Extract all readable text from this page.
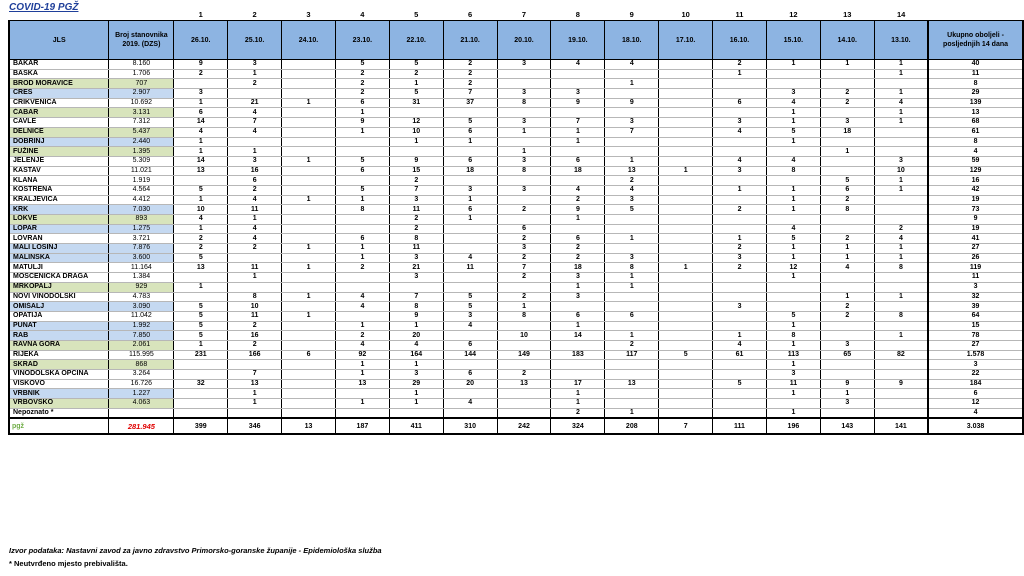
COVID-19 PGŽ
		1	2	3	4	5	6	7	8	9	10	11	12	13	14	
JLS	Broj stanovnika 2019. (DZS)	26.10.	25.10.	24.10.	23.10.	22.10.	21.10.	20.10.	19.10.	18.10.	17.10.	16.10.	15.10.	14.10.	13.10.	Ukupno oboljeli - posljednjih 14 dana
BAKAR	8.160	9	3		5	5	2	3	4	4		2	1	1	1	40
BAŠKA	1.706	2	1		2	2	2					1			1	11
BROD MORAVICE	707		2		2	1	2			1						8
CRES	2.907	3			2	5	7	3	3				3	2	1	29
CRIKVENICA	10.692	1	21	1	6	31	37	8	9	9		6	4	2	4	139
ČABAR	3.131	6	4		1								1		1	13
ČAVLE	7.312	14	7		9	12	5	3	7	3		3	1	3	1	68
DELNICE	5.437	4	4		1	10	6	1	1	7		4	5	18		61
DOBRINJ	2.440	1				1	1		1				1			8
FUŽINE	1.395	1	1					1						1		4
JELENJE	5.309	14	3	1	5	9	6	3	6	1		4	4		3	59
KASTAV	11.021	13	16		6	15	18	8	18	13	1	3	8		10	129
KLANA	1.919		6			2				2				5	1	16
KOSTRENA	4.564	5	2		5	7	3	3	4	4		1	1	6	1	42
KRALJEVICA	4.412	1	4	1	1	3	1		2	3			1	2		19
KRK	7.030	10	11		8	11	6	2	9	5		2	1	8		73
LOKVE	893	4	1			2	1		1							9
LOPAR	1.275	1	4			2		6					4		2	19
LOVRAN	3.721	2	4		6	8		2	6	1		1	5	2	4	41
MALI LOŠINJ	7.876	2	2	1	1	11		3	2			2	1	1	1	27
MALINSKA	3.600	5			1	3	4	2	2	3		3	1	1	1	26
MATULJI	11.164	13	11	1	2	21	11	7	18	8	1	2	12	4	8	119
MOŠĆENIČKA DRAGA	1.384		1			3		2	3	1			1			11
MRKOPALJ	929	1							1	1						3
NOVI VINODOLSKI	4.783		8	1	4	7	5	2	3					1	1	32
OMIŠALJ	3.090	5	10		4	8	5	1				3		2		39
OPATIJA	11.042	5	11	1		9	3	8	6	6			5	2	8	64
PUNAT	1.992	5	2		1	1	4		1				1			15
RAB	7.850	5	16		2	20		10	14	1		1	8		1	78
RAVNA GORA	2.061	1	2		4	4	6			2		4	1	3		27
RIJEKA	115.995	231	166	6	92	164	144	149	183	117	5	61	113	65	82	1.578
SKRAD	868				1	1							1			3
VINODOLSKA OPĆINA	3.264		7		1	3	6	2					3			22
VIŠKOVO	16.726	32	13		13	29	20	13	17	13		5	11	9	9	184
VRBNIK	1.227		1			1			1				1	1		6
VRBOVSKO	4.063		1		1	1	4		1					3		12
Nepoznato *									2	1			1			4
pgž	281.945	399	346	13	187	411	310	242	324	208	7	111	196	143	141	3.038
Izvor podataka: Nastavni zavod za javno zdravstvo Primorsko-goranske županije - Epidemiološka služba
* Neutvrđeno mjesto prebivališta.
